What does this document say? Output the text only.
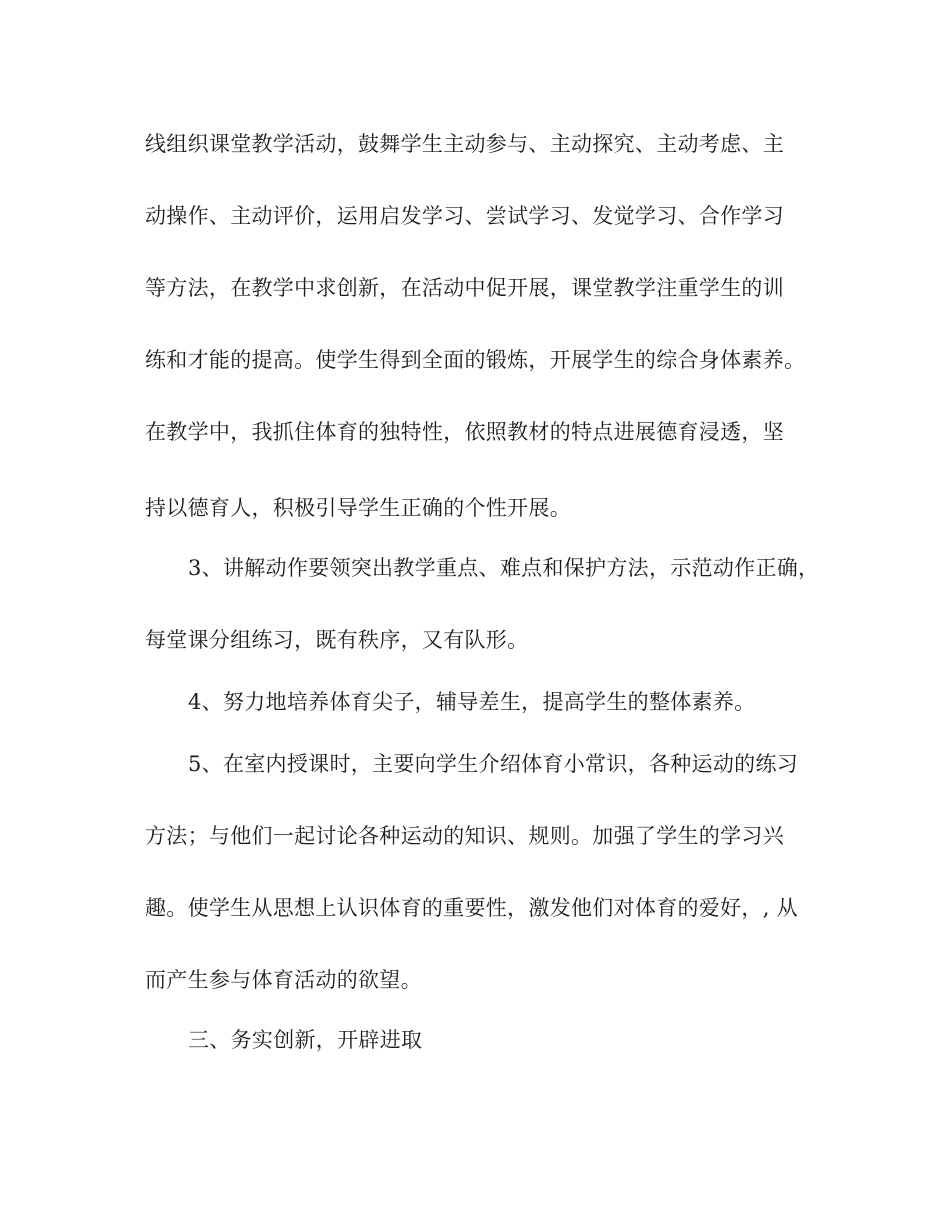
线组织课堂教学活动，鼓舞学生主动参与、主动探究、主动考虑、主
动操作、主动评价，运用启发学习、尝试学习、发觉学习、合作学习
等方法，在教学中求创新，在活动中促开展，课堂教学注重学生的训
练和才能的提高。使学生得到全面的锻炼，开展学生的综合身体素养。
在教学中，我抓住体育的独特性，依照教材的特点进展德育浸透，坚
持以德育人，积极引导学生正确的个性开展。
3、讲解动作要领突出教学重点、难点和保护方法，示范动作正确，
每堂课分组练习，既有秩序，又有队形。
4、努力地培养体育尖子，辅导差生，提高学生的整体素养。
5、在室内授课时，主要向学生介绍体育小常识，各种运动的练习
方法；与他们一起讨论各种运动的知识、规则。加强了学生的学习兴
趣。使学生从思想上认识体育的重要性，激发他们对体育的爱好，, 从
而产生参与体育活动的欲望。
三、务实创新，开辟进取
